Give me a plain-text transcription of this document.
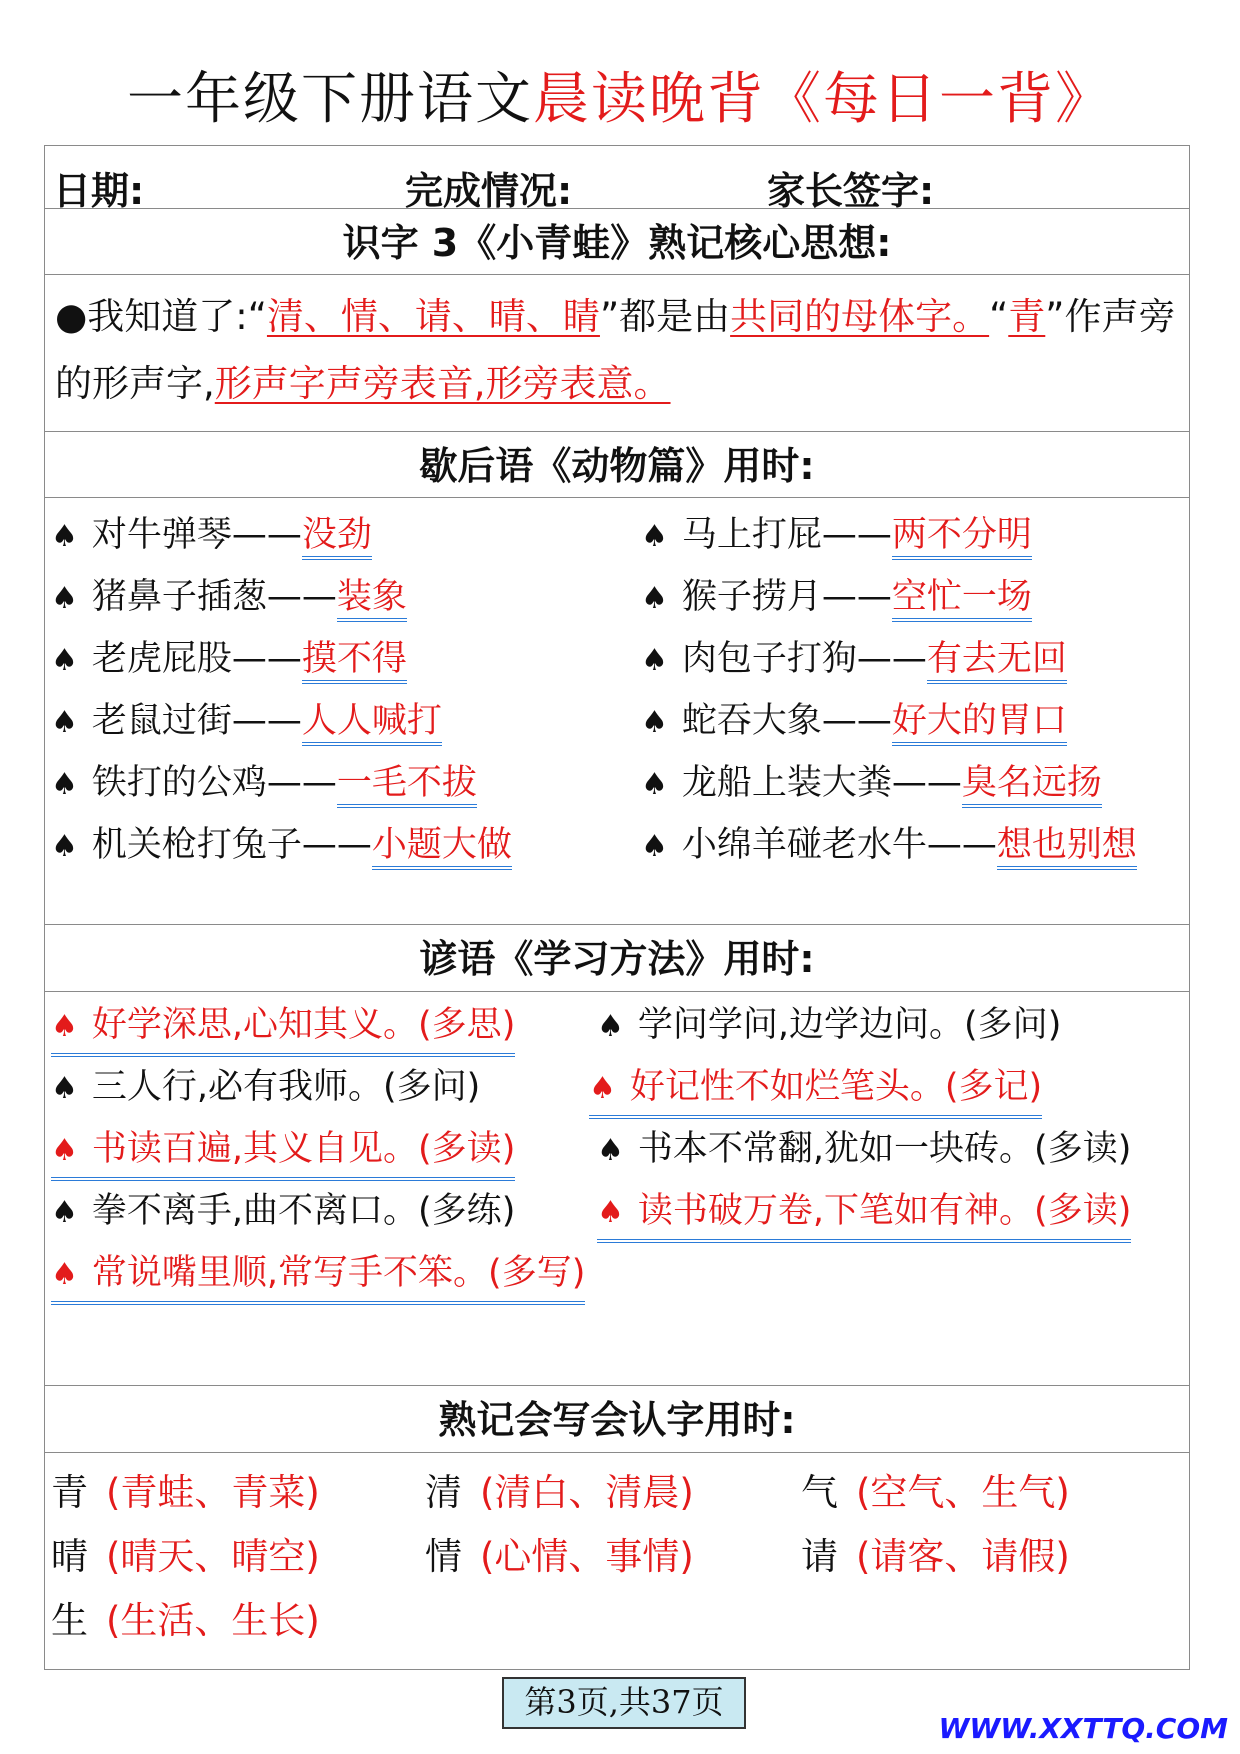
一年级下册语文晨读晚背《每日一背》
日期:	完成情况:	家长签字:
识字 3《小青蛙》熟记核心思想:
●我知道了:“清、情、请、晴、睛”都是由共同的母体字。“青”作声旁的形声字,形声字声旁表音,形旁表意。
歇后语《动物篇》用时:
♠ 对牛弹琴——没劲	♠ 马上打屁——两不分明
♠ 猪鼻子插葱——装象	♠ 猴子捞月——空忙一场
♠ 老虎屁股——摸不得	♠ 肉包子打狗——有去无回
♠ 老鼠过街——人人喊打	♠ 蛇吞大象——好大的胃口
♠ 铁打的公鸡——一毛不拔	♠ 龙船上装大粪——臭名远扬
♠ 机关枪打兔子——小题大做	♠ 小绵羊碰老水牛——想也别想
谚语《学习方法》用时:
♠ 好学深思,心知其义。(多思)	♠ 学问学问,边学边问。(多问)
♠ 三人行,必有我师。(多问)	♠ 好记性不如烂笔头。(多记)
♠ 书读百遍,其义自见。(多读)	♠ 书本不常翻,犹如一块砖。(多读)
♠ 拳不离手,曲不离口。(多练)	♠ 读书破万卷,下笔如有神。(多读)
♠ 常说嘴里顺,常写手不笨。(多写)
熟记会写会认字用时:
青 (青蛙、青菜)	清 (清白、清晨)	气 (空气、生气)
晴 (晴天、晴空)	情 (心情、事情)	请 (请客、请假)
生 (生活、生长)
第3页,共37页
WWW.XXTTQ.COM
